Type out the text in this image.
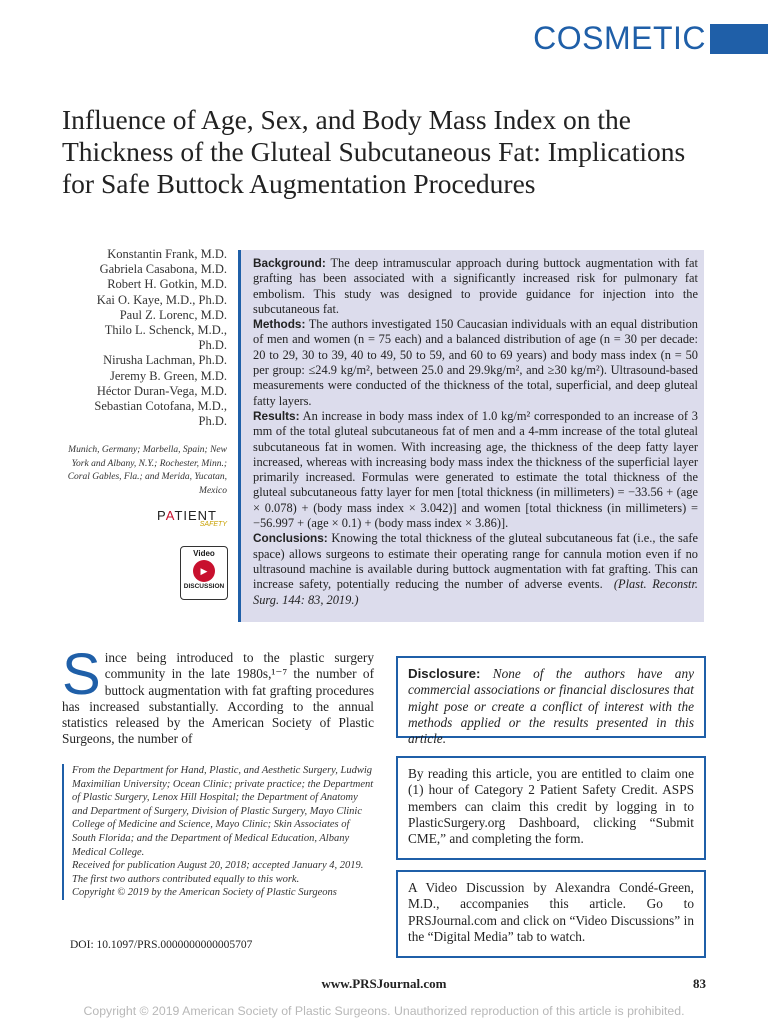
COSMETIC
Influence of Age, Sex, and Body Mass Index on the Thickness of the Gluteal Subcutaneous Fat: Implications for Safe Buttock Augmentation Procedures
Konstantin Frank, M.D.
Gabriela Casabona, M.D.
Robert H. Gotkin, M.D.
Kai O. Kaye, M.D., Ph.D.
Paul Z. Lorenc, M.D.
Thilo L. Schenck, M.D.,
Ph.D.
Nirusha Lachman, Ph.D.
Jeremy B. Green, M.D.
Héctor Duran-Vega, M.D.
Sebastian Cotofana, M.D.,
Ph.D.
Munich, Germany; Marbella, Spain; New York and Albany, N.Y.; Rochester, Minn.; Coral Gables, Fla.; and Merida, Yucatan, Mexico
PATIENT
SAFETY
Video
▶
DISCUSSION

Background: The deep intramuscular approach during buttock augmentation with fat grafting has been associated with a significantly increased risk for pulmonary fat embolism. This study was designed to provide guidance for injection into the subcutaneous fat.

Methods: The authors investigated 150 Caucasian individuals with an equal distribution of men and women (n = 75 each) and a balanced distribution of age (n = 30 per decade: 20 to 29, 30 to 39, 40 to 49, 50 to 59, and 60 to 69 years) and body mass index (n = 50 per group: ≤24.9 kg/m², between 25.0 and 29.9kg/m², and ≥30 kg/m²). Ultrasound-based measurements were conducted of the thickness of the total, superficial, and deep gluteal fatty layers.

Results: An increase in body mass index of 1.0 kg/m² corresponded to an increase of 3 mm of the total gluteal subcutaneous fat of men and a 4-mm increase of the total gluteal subcutaneous fat in women. With increasing age, the thickness of the deep fatty layer increased, whereas with increasing body mass index the thickness of the superficial layer primarily increased. Formulas were generated to estimate the total thickness of the gluteal subcutaneous fatty layer for men [total thickness (in millimeters) = −33.56 + (age × 0.078) + (body mass index × 3.042)] and women [total thickness (in millimeters) = −56.997 + (age × 0.1) + (body mass index × 3.86)].

Conclusions: Knowing the total thickness of the gluteal subcutaneous fat (i.e., the safe space) allows surgeons to estimate their operating range for cannula motion even if no ultrasound machine is available during buttock augmentation with fat grafting. This can increase safety, potentially reducing the number of adverse events. (Plast. Reconstr. Surg. 144: 83, 2019.)

Since being introduced to the plastic surgery community in the late 1980s,¹⁻⁷ the number of buttock augmentation with fat grafting procedures has increased substantially. According to the annual statistics released by the American Society of Plastic Surgeons, the number of

From the Department for Hand, Plastic, and Aesthetic Surgery, Ludwig Maximilian University; Ocean Clinic; private practice; the Department of Plastic Surgery, Lenox Hill Hospital; the Department of Anatomy and Department of Surgery, Division of Plastic Surgery, Mayo Clinic College of Medicine and Science, Mayo Clinic; Skin Associates of South Florida; and the Department of Medical Education, Albany Medical College.

Received for publication August 20, 2018; accepted January 4, 2019.

The first two authors contributed equally to this work.

Copyright © 2019 by the American Society of Plastic Surgeons

DOI: 10.1097/PRS.0000000000005707
Disclosure: None of the authors have any commercial associations or financial disclosures that might pose or create a conflict of interest with the methods applied or the results presented in this article.
By reading this article, you are entitled to claim one (1) hour of Category 2 Patient Safety Credit. ASPS members can claim this credit by logging in to PlasticSurgery.org Dashboard, clicking “Submit CME,” and completing the form.
A Video Discussion by Alexandra Condé-Green, M.D., accompanies this article. Go to PRSJournal.com and click on “Video Discussions” in the “Digital Media” tab to watch.
www.PRSJournal.com	83
Copyright © 2019 American Society of Plastic Surgeons. Unauthorized reproduction of this article is prohibited.
